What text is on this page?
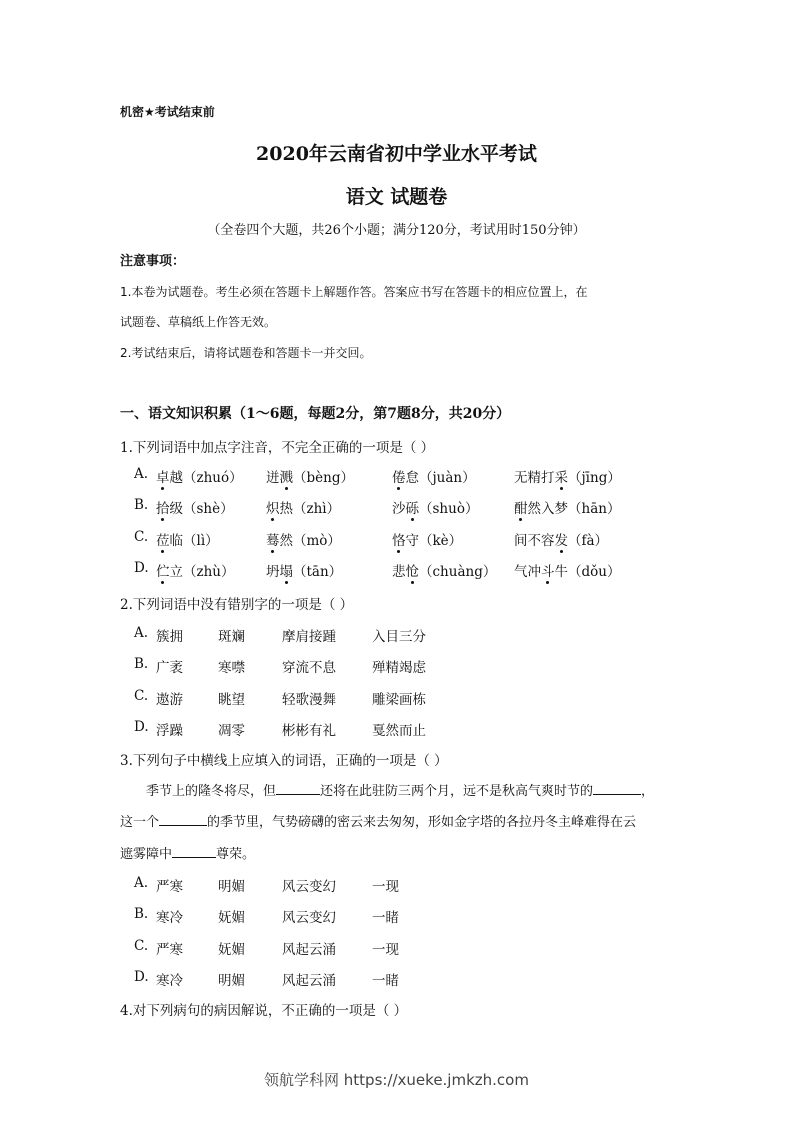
机密★考试结束前
2020年云南省初中学业水平考试
语文 试题卷
（全卷四个大题，共26个小题；满分120分，考试用时150分钟）
注意事项：
1.本卷为试题卷。考生必须在答题卡上解题作答。答案应书写在答题卡的相应位置上，在
试题卷、草稿纸上作答无效。
2.考试结束后，请将试题卷和答题卡一并交回。
一、语文知识积累（1～6题，每题2分，第7题8分，共20分）
1.下列词语中加点字注音，不完全正确的一项是（ ）
A. 卓越（zhuó） 迸溅（bèng）	倦怠（juàn）	无精打采（jīng）
B. 拾级（shè） 炽热（zhì）	沙砾（shuò）	酣然入梦（hān）
C. 莅临（lì）	蓦然（mò）	恪守（kè）	间不容发（fà）
D. 伫立（zhù） 坍塌（tān）	悲怆（chuàng） 气冲斗牛（dǒu）
2.下列词语中没有错别字的一项是（ ）
A. 簇拥	斑斓	摩肩接踵	入目三分
B. 广袤	寒噤	穿流不息	殚精竭虑
C. 遨游	眺望	轻歌漫舞	雕梁画栋
D. 浮躁	凋零	彬彬有礼	戛然而止
3.下列句子中横线上应填入的词语，正确的一项是（ ）
季节上的隆冬将尽，但	还将在此驻防三两个月，远不是秋高气爽时节的	，
这一个	的季节里，气势磅礴的密云来去匆匆，形如金字塔的各拉丹冬主峰难得在云
遮雾障中	尊荣。
A. 严寒	明媚	风云变幻	一现
B. 寒冷	妩媚	风云变幻	一睹
C. 严寒	妩媚	风起云涌	一现
D. 寒冷	明媚	风起云涌	一睹
4.对下列病句的病因解说，不正确的一项是（ ）
领航学科网 https://xueke.jmkzh.com
